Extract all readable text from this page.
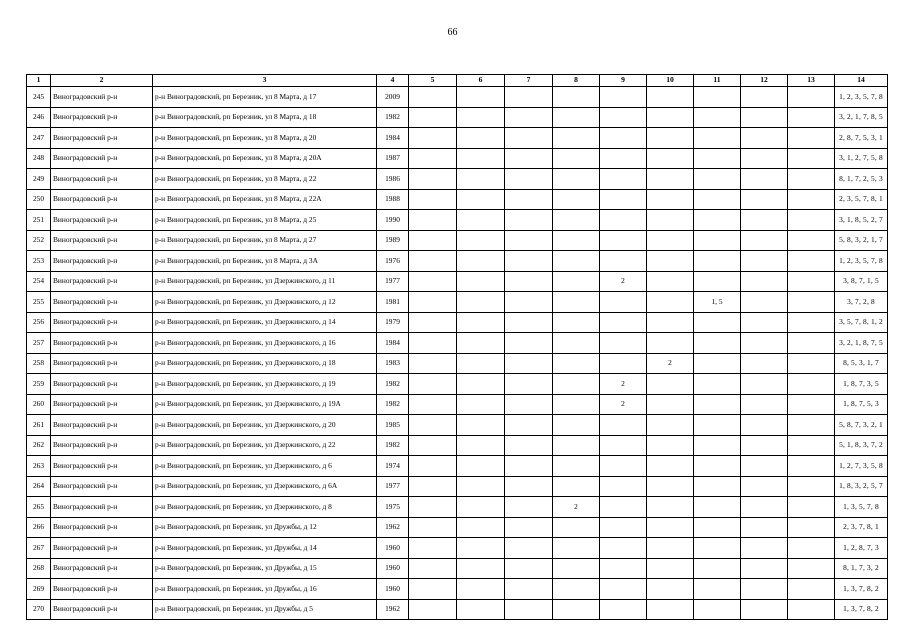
66
1	2	3	4	5	6	7	8	9	10	11	12	13	14
245	Виноградовский р-н	р-н Виноградовский, рп Березник, ул 8 Марта, д 17	2009										1, 2, 3, 5, 7, 8
246	Виноградовский р-н	р-н Виноградовский, рп Березник, ул 8 Марта, д 18	1982										3, 2, 1, 7, 8, 5
247	Виноградовский р-н	р-н Виноградовский, рп Березник, ул 8 Марта, д 20	1984										2, 8, 7, 5, 3, 1
248	Виноградовский р-н	р-н Виноградовский, рп Березник, ул 8 Марта, д 20А	1987										3, 1, 2, 7, 5, 8
249	Виноградовский р-н	р-н Виноградовский, рп Березник, ул 8 Марта, д 22	1986										8, 1, 7, 2, 5, 3
250	Виноградовский р-н	р-н Виноградовский, рп Березник, ул 8 Марта, д 22А	1988										2, 3, 5, 7, 8, 1
251	Виноградовский р-н	р-н Виноградовский, рп Березник, ул 8 Марта, д 25	1990										3, 1, 8, 5, 2, 7
252	Виноградовский р-н	р-н Виноградовский, рп Березник, ул 8 Марта, д 27	1989										5, 8, 3, 2, 1, 7
253	Виноградовский р-н	р-н Виноградовский, рп Березник, ул 8 Марта, д 3А	1976										1, 2, 3, 5, 7, 8
254	Виноградовский р-н	р-н Виноградовский, рп Березник, ул Дзержинского, д 11	1977					2					3, 8, 7, 1, 5
255	Виноградовский р-н	р-н Виноградовский, рп Березник, ул Дзержинского, д 12	1981							1, 5			3, 7, 2, 8
256	Виноградовский р-н	р-н Виноградовский, рп Березник, ул Дзержинского, д 14	1979										3, 5, 7, 8, 1, 2
257	Виноградовский р-н	р-н Виноградовский, рп Березник, ул Дзержинского, д 16	1984										3, 2, 1, 8, 7, 5
258	Виноградовский р-н	р-н Виноградовский, рп Березник, ул Дзержинского, д 18	1983						2				8, 5, 3, 1, 7
259	Виноградовский р-н	р-н Виноградовский, рп Березник, ул Дзержинского, д 19	1982					2					1, 8, 7, 3, 5
260	Виноградовский р-н	р-н Виноградовский, рп Березник, ул Дзержинского, д 19А	1982					2					1, 8, 7, 5, 3
261	Виноградовский р-н	р-н Виноградовский, рп Березник, ул Дзержинского, д 20	1985										5, 8, 7, 3, 2, 1
262	Виноградовский р-н	р-н Виноградовский, рп Березник, ул Дзержинского, д 22	1982										5, 1, 8, 3, 7, 2
263	Виноградовский р-н	р-н Виноградовский, рп Березник, ул Дзержинского, д 6	1974										1, 2, 7, 3, 5, 8
264	Виноградовский р-н	р-н Виноградовский, рп Березник, ул Дзержинского, д 6А	1977										1, 8, 3, 2, 5, 7
265	Виноградовский р-н	р-н Виноградовский, рп Березник, ул Дзержинского, д 8	1975				2						1, 3, 5, 7, 8
266	Виноградовский р-н	р-н Виноградовский, рп Березник, ул Дружбы, д 12	1962										2, 3, 7, 8, 1
267	Виноградовский р-н	р-н Виноградовский, рп Березник, ул Дружбы, д 14	1960										1, 2, 8, 7, 3
268	Виноградовский р-н	р-н Виноградовский, рп Березник, ул Дружбы, д 15	1960										8, 1, 7, 3, 2
269	Виноградовский р-н	р-н Виноградовский, рп Березник, ул Дружбы, д 16	1960										1, 3, 7, 8, 2
270	Виноградовский р-н	р-н Виноградовский, рп Березник, ул Дружбы, д 5	1962										1, 3, 7, 8, 2
